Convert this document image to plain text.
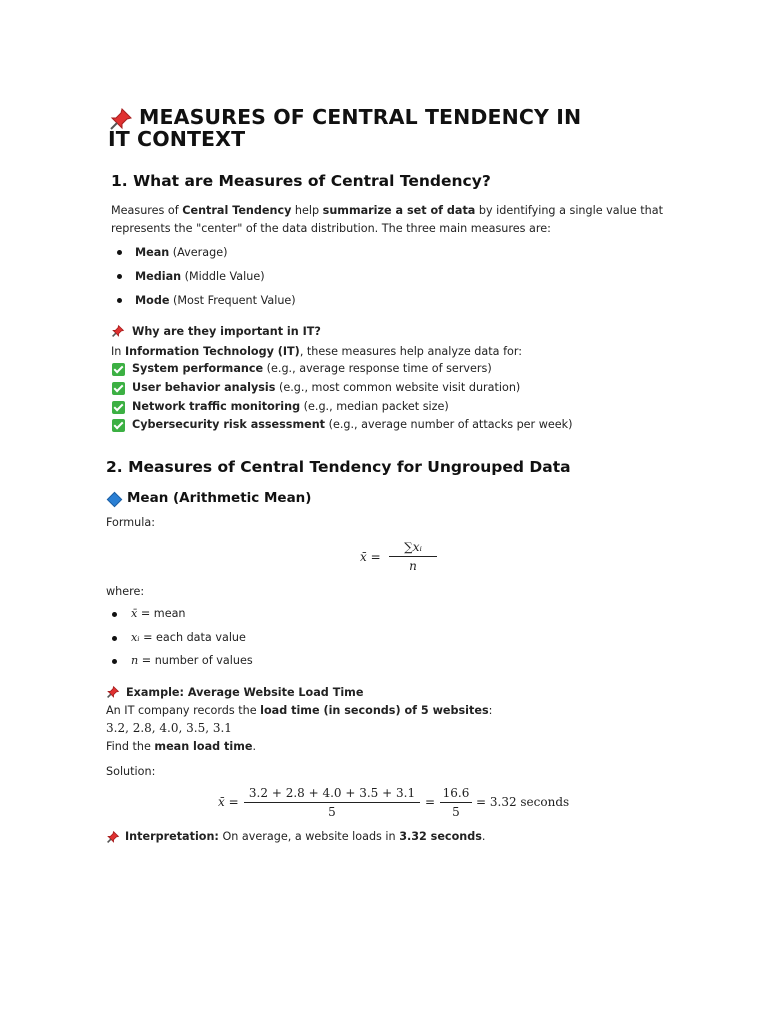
MEASURES OF CENTRAL TENDENCY IN
IT CONTEXT
1. What are Measures of Central Tendency?
Measures of Central Tendency help summarize a set of data by identifying a single value that
represents the "center" of the data distribution. The three main measures are:
Mean (Average)
Median (Middle Value)
Mode (Most Frequent Value)
Why are they important in IT?
In Information Technology (IT), these measures help analyze data for:
System performance (e.g., average response time of servers)
User behavior analysis (e.g., most common website visit duration)
Network traffic monitoring (e.g., median packet size)
Cybersecurity risk assessment (e.g., average number of attacks per week)
2. Measures of Central Tendency for Ungrouped Data
Mean (Arithmetic Mean)
Formula:
x̄ =
∑xᵢ
n
where:
x̄ = mean
xᵢ = each data value
n = number of values
Example: Average Website Load Time
An IT company records the load time (in seconds) of 5 websites:
3.2, 2.8, 4.0, 3.5, 3.1
Find the mean load time.
Solution:
x̄ =
3.2 + 2.8 + 4.0 + 3.5 + 3.1
5
=
16.6
5
= 3.32 seconds
Interpretation: On average, a website loads in 3.32 seconds.
